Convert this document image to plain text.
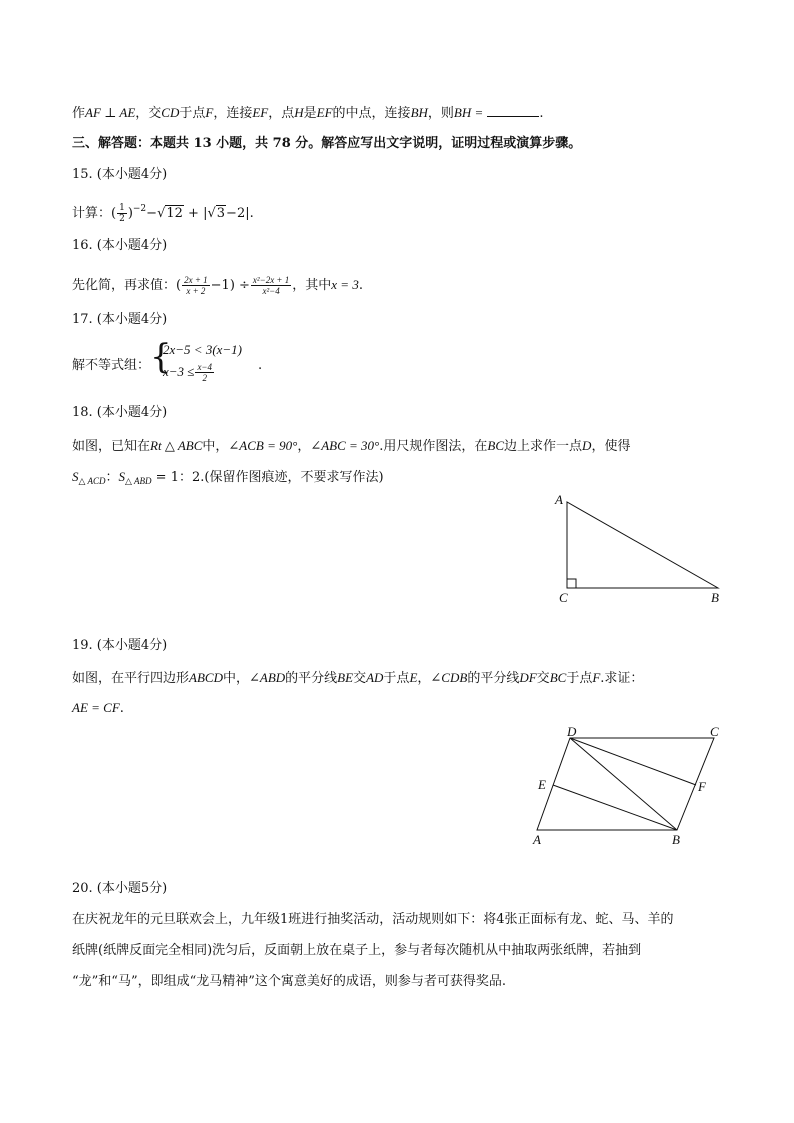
作AF ⊥ AE，交CD于点F，连接EF，点H是EF的中点，连接BH，则BH =	.
三、解答题：本题共 13 小题，共 78 分。解答应写出文字说明，证明过程或演算步骤。
15. (本小题4分)
计算：( $\frac{1}{2} )^{-2}-√12 + |√3-2|$.
16. (本小题4分)
先化简，再求值：( $\frac{2x + 1}{x + 2} -1) \div \frac{\text{x²−2x + 1}}{\text{x²−4}}$ ，其中x = 3.
17. (本小题4分)
解不等式组： {
2x−5 < 3(x−1)
$x-3 \le \frac{x-4}{2}$	.
18. (本小题4分)
如图，已知在Rt △ ABC中，∠ACB = 90°，∠ABC = 30°.用尺规作图法，在BC边上求作一点D，使得
$S_{\triangle ACD}$：$S_{\triangle ABD} = 1$：2.(保留作图痕迹，不要求写作法)
A
C	B
19. (本小题4分)
如图，在平行四边形ABCD中，∠ABD的平分线BE交AD于点E，∠CDB的平分线DF交BC于点F.求证：
AE = CF.
D	C
E	F
A	B
20. (本小题5分)
在庆祝龙年的元旦联欢会上，九年级1班进行抽奖活动，活动规则如下：将4张正面标有龙、蛇、马、羊的
纸牌(纸牌反面完全相同)洗匀后，反面朝上放在桌子上，参与者每次随机从中抽取两张纸牌，若抽到
“龙”和“马”，即组成“龙马精神”这个寓意美好的成语，则参与者可获得奖品.
